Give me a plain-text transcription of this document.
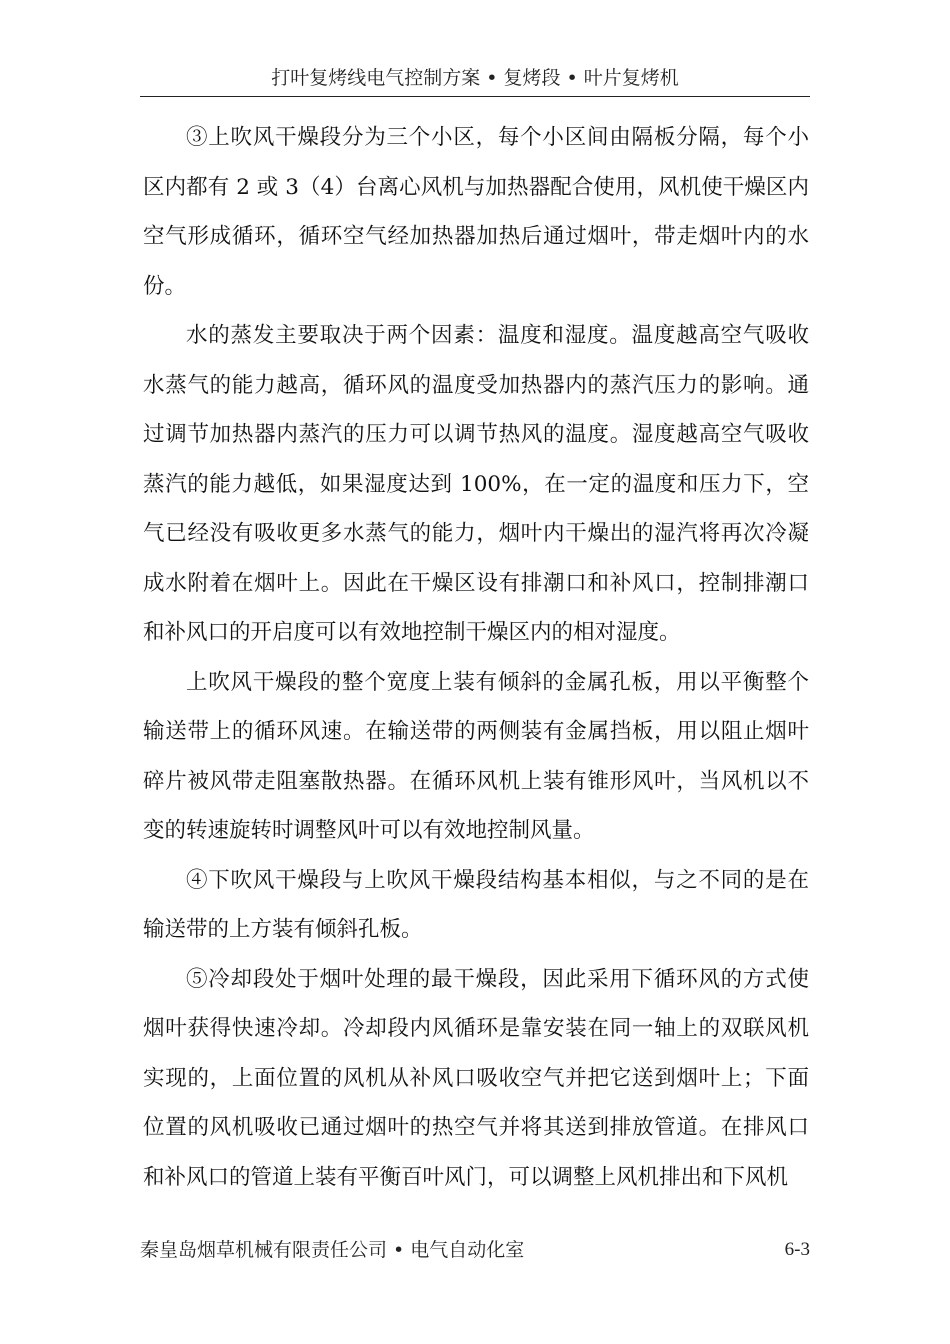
打叶复烤线电气控制方案 • 复烤段 • 叶片复烤机

③上吹风干燥段分为三个小区，每个小区间由隔板分隔，每个小区内都有 2 或 3（4）台离心风机与加热器配合使用，风机使干燥区内空气形成循环，循环空气经加热器加热后通过烟叶，带走烟叶内的水份。

水的蒸发主要取决于两个因素：温度和湿度。温度越高空气吸收水蒸气的能力越高，循环风的温度受加热器内的蒸汽压力的影响。通过调节加热器内蒸汽的压力可以调节热风的温度。湿度越高空气吸收蒸汽的能力越低，如果湿度达到 100%，在一定的温度和压力下，空气已经没有吸收更多水蒸气的能力，烟叶内干燥出的湿汽将再次冷凝成水附着在烟叶上。因此在干燥区设有排潮口和补风口，控制排潮口和补风口的开启度可以有效地控制干燥区内的相对湿度。

上吹风干燥段的整个宽度上装有倾斜的金属孔板，用以平衡整个输送带上的循环风速。在输送带的两侧装有金属挡板，用以阻止烟叶碎片被风带走阻塞散热器。在循环风机上装有锥形风叶，当风机以不变的转速旋转时调整风叶可以有效地控制风量。

④下吹风干燥段与上吹风干燥段结构基本相似，与之不同的是在输送带的上方装有倾斜孔板。

⑤冷却段处于烟叶处理的最干燥段，因此采用下循环风的方式使烟叶获得快速冷却。冷却段内风循环是靠安装在同一轴上的双联风机实现的，上面位置的风机从补风口吸收空气并把它送到烟叶上；下面位置的风机吸收已通过烟叶的热空气并将其送到排放管道。在排风口和补风口的管道上装有平衡百叶风门，可以调整上风机排出和下风机

秦皇岛烟草机械有限责任公司 • 电气自动化室	6-3
